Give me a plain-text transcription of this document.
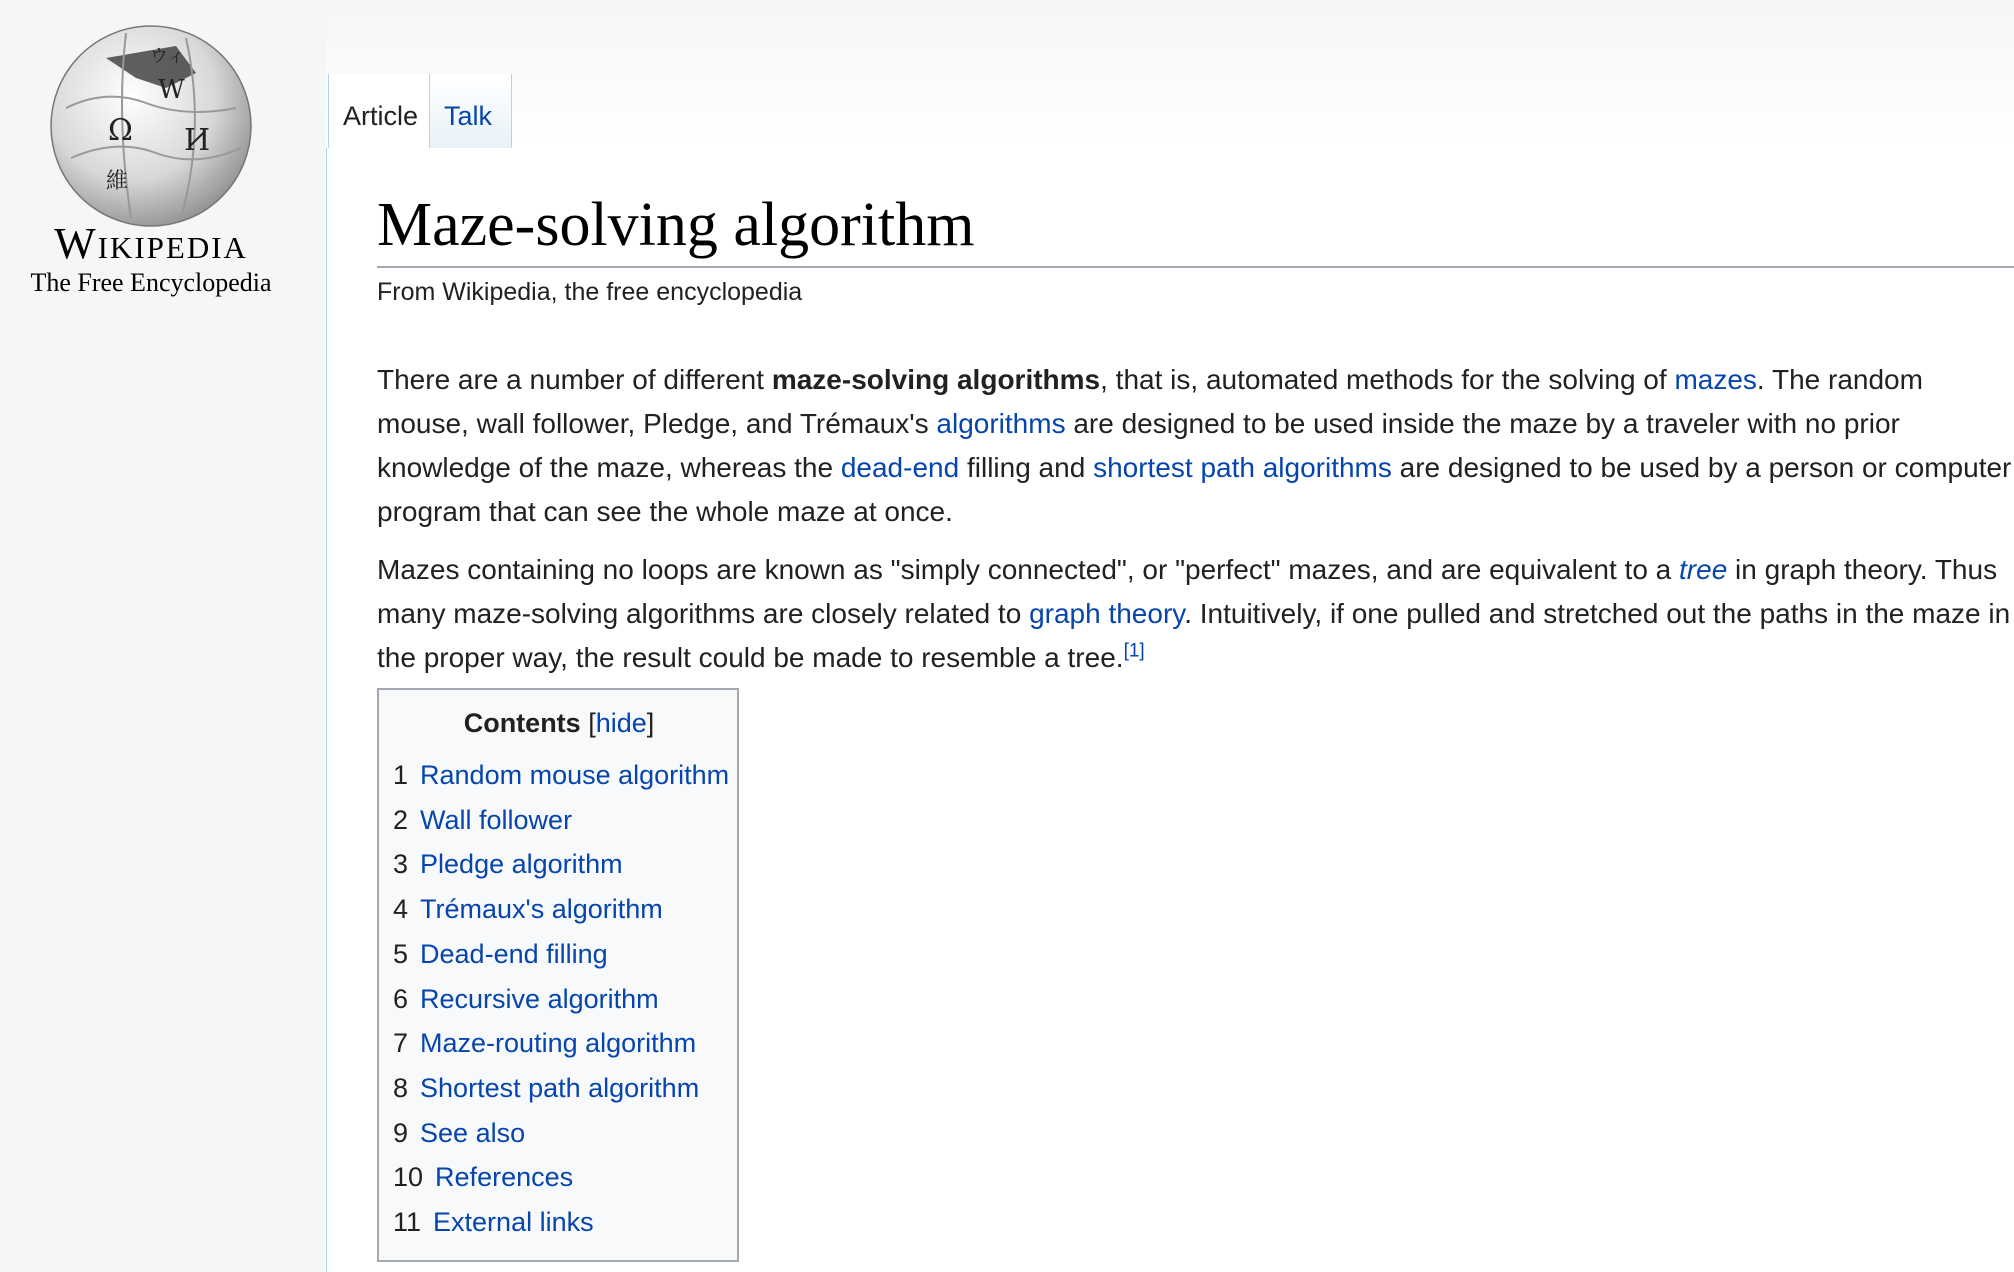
Ω
W
И
維
ウィ
Wikipedia
The Free Encyclopedia
Article Talk
Maze-solving algorithm
From Wikipedia, the free encyclopedia

There are a number of different maze-solving algorithms, that is, automated methods for the solving of mazes. The random mouse, wall follower, Pledge, and Trémaux's algorithms are designed to be used inside the maze by a traveler with no prior knowledge of the maze, whereas the dead-end filling and shortest path algorithms are designed to be used by a person or computer program that can see the whole maze at once.

Mazes containing no loops are known as "simply connected", or "perfect" mazes, and are equivalent to a tree in graph theory. Thus many maze-solving algorithms are closely related to graph theory. Intuitively, if one pulled and stretched out the paths in the maze in the proper way, the result could be made to resemble a tree.[1]

Contents [hide]
1 Random mouse algorithm
2 Wall follower
3 Pledge algorithm
4 Trémaux's algorithm
5 Dead-end filling
6 Recursive algorithm
7 Maze-routing algorithm
8 Shortest path algorithm
9 See also
10 References
11 External links
